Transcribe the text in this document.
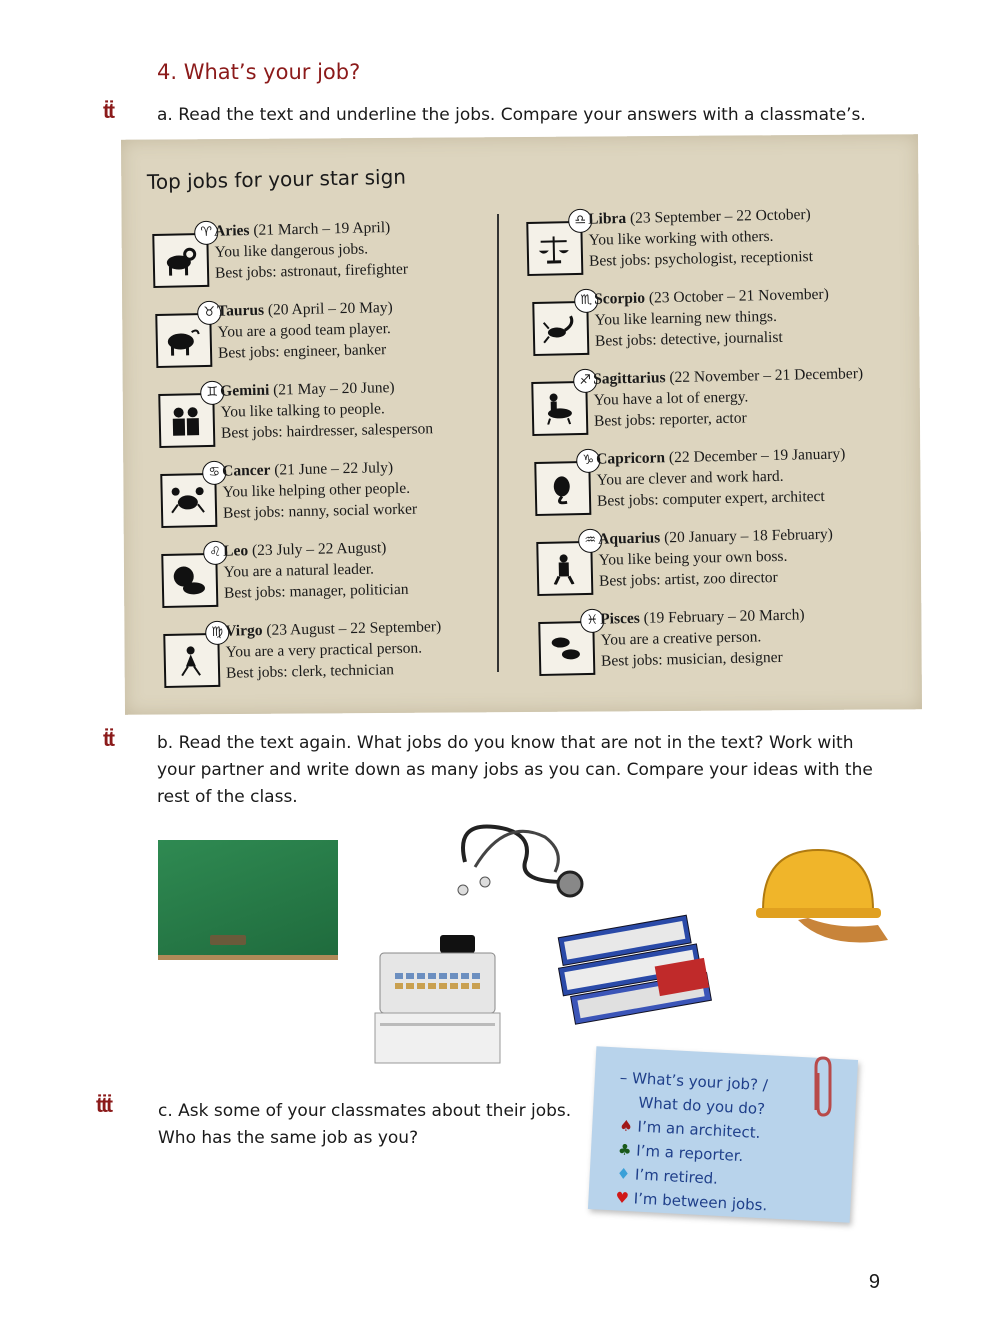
4. What’s your job?
ṫṫ	a. Read the text and underline the jobs. Compare your answers with a classmate’s.
Top jobs for your star sign
♈ Aries (21 March – 19 April)
You like dangerous jobs.
Best jobs: astronaut, firefighter
♉ Taurus (20 April – 20 May)
You are a good team player.
Best jobs: engineer, banker
♊ Gemini (21 May – 20 June)
You like talking to people.
Best jobs: hairdresser, salesperson
♋ Cancer (21 June – 22 July)
You like helping other people.
Best jobs: nanny, social worker
♌ Leo (23 July – 22 August)
You are a natural leader.
Best jobs: manager, politician
♍ Virgo (23 August – 22 September)
You are a very practical person.
Best jobs: clerk, technician
♎ Libra (23 September – 22 October)
You like working with others.
Best jobs: psychologist, receptionist
♏ Scorpio (23 October – 21 November)
You like learning new things.
Best jobs: detective, journalist
♐ Sagittarius (22 November – 21 December)
You have a lot of energy.
Best jobs: reporter, actor
♑ Capricorn (22 December – 19 January)
You are clever and work hard.
Best jobs: computer expert, architect
♒ Aquarius (20 January – 18 February)
You like being your own boss.
Best jobs: artist, zoo director
♓ Pisces (19 February – 20 March)
You are a creative person.
Best jobs: musician, designer
ṫṫ	b. Read the text again. What jobs do you know that are not in the text? Work with
your partner and write down as many jobs as you can. Compare your ideas with the
rest of the class.
ṫṫṫ	c. Ask some of your classmates about their jobs.
Who has the same job as you?
– What’s your job? /
What do you do?
♠ I’m an architect.
♣ I’m a reporter.
♦ I’m retired.
♥ I’m between jobs.
9
